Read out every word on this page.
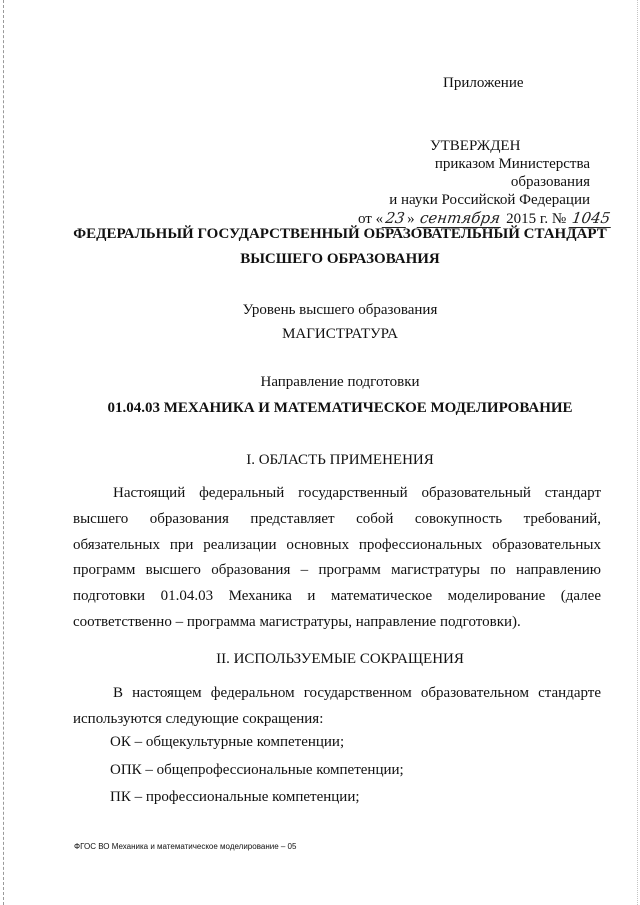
Приложение
УТВЕРЖДЕН
приказом Министерства образования
и науки Российской Федерации
от «23» сентября 2015 г. № 1045
ФЕДЕРАЛЬНЫЙ ГОСУДАРСТВЕННЫЙ ОБРАЗОВАТЕЛЬНЫЙ СТАНДАРТ
ВЫСШЕГО ОБРАЗОВАНИЯ
Уровень высшего образования
МАГИСТРАТУРА
Направление подготовки
01.04.03 МЕХАНИКА И МАТЕМАТИЧЕСКОЕ МОДЕЛИРОВАНИЕ
I. ОБЛАСТЬ ПРИМЕНЕНИЯ
Настоящий федеральный государственный образовательный стандарт высшего образования представляет собой совокупность требований, обязательных при реализации основных профессиональных образовательных программ высшего образования – программ магистратуры по направлению подготовки 01.04.03 Механика и математическое моделирование (далее соответственно – программа магистратуры, направление подготовки).
II. ИСПОЛЬЗУЕМЫЕ СОКРАЩЕНИЯ
В настоящем федеральном государственном образовательном стандарте используются следующие сокращения:
ОК – общекультурные компетенции;
ОПК – общепрофессиональные компетенции;
ПК – профессиональные компетенции;
ФГОС ВО Механика и математическое моделирование – 05
